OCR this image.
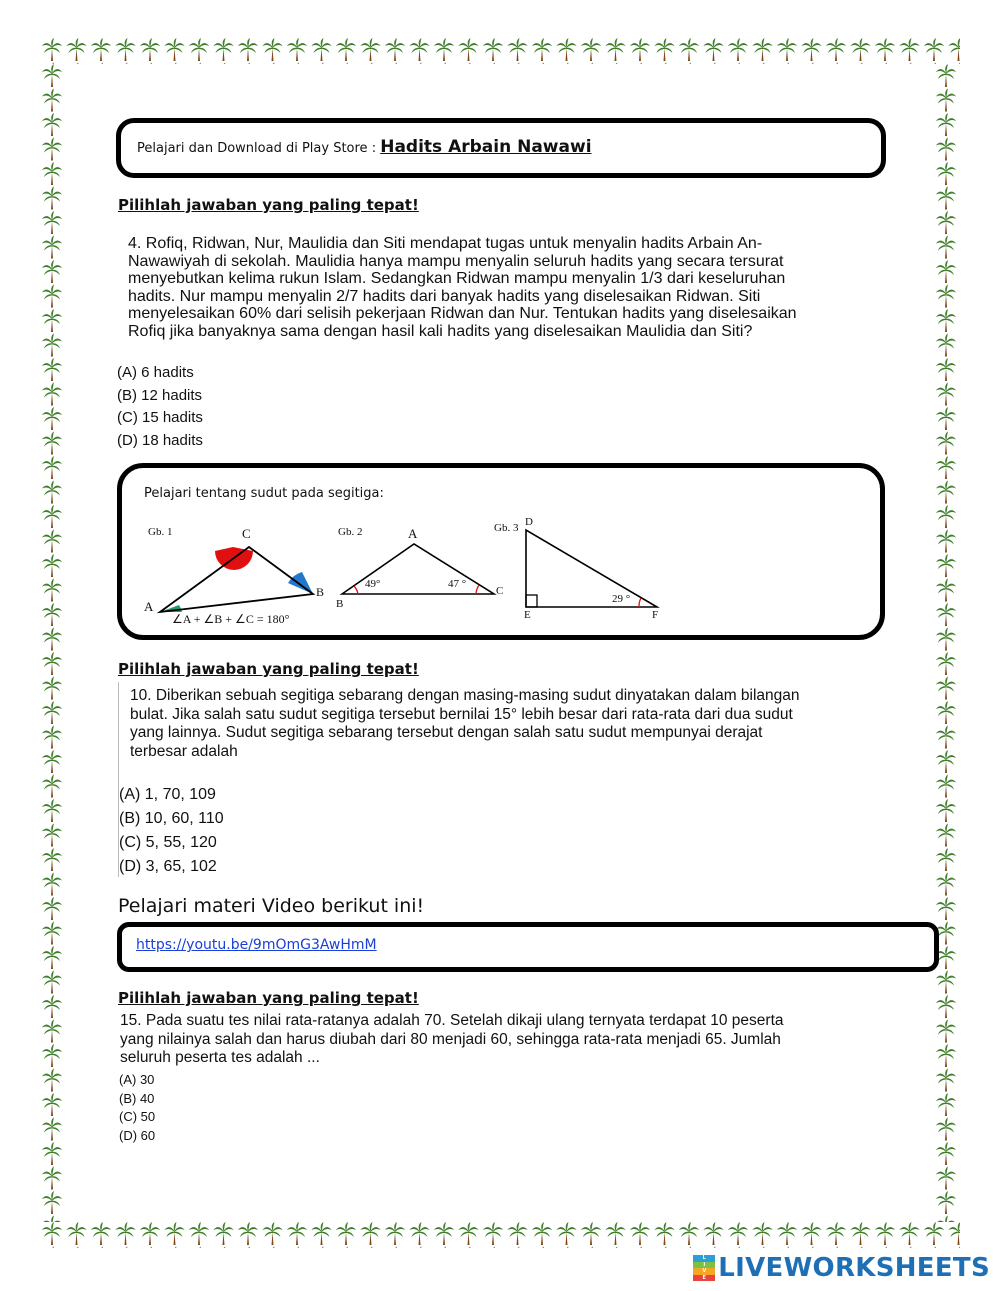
Pelajari dan Download di Play Store : Hadits Arbain Nawawi
Pilihlah jawaban yang paling tepat!
4. Rofiq, Ridwan, Nur, Maulidia dan Siti mendapat tugas untuk menyalin hadits Arbain An-
Nawawiyah di sekolah. Maulidia hanya mampu menyalin seluruh hadits yang secara tersurat
menyebutkan kelima rukun Islam. Sedangkan Ridwan mampu menyalin 1/3 dari keseluruhan
hadits. Nur mampu menyalin 2/7 hadits dari banyak hadits yang diselesaikan Ridwan. Siti
menyelesaikan 60% dari selisih pekerjaan Ridwan dan Nur. Tentukan hadits yang diselesaikan
Rofiq jika banyaknya sama dengan hasil kali hadits yang diselesaikan Maulidia dan Siti?
(A) 6 hadits
(B) 12 hadits
(C) 15 hadits
(D) 18 hadits
Pelajari tentang sudut pada segitiga:
Gb. 1	C
A
B
∠A + ∠B + ∠C = 180°
Gb. 2	A
B
C
49°	47 °
Gb. 3 D
E	F
29 °
Pilihlah jawaban yang paling tepat!
10. Diberikan sebuah segitiga sebarang dengan masing-masing sudut dinyatakan dalam bilangan
bulat. Jika salah satu sudut segitiga tersebut bernilai 15° lebih besar dari rata-rata dari dua sudut
yang lainnya. Sudut segitiga sebarang tersebut dengan salah satu sudut mempunyai derajat
terbesar adalah
(A) 1, 70, 109
(B) 10, 60, 110
(C) 5, 55, 120
(D) 3, 65, 102
Pelajari materi Video berikut ini!
https://youtu.be/9mOmG3AwHmM
Pilihlah jawaban yang paling tepat!
15. Pada suatu tes nilai rata-ratanya adalah 70. Setelah dikaji ulang ternyata terdapat 10 peserta
yang nilainya salah dan harus diubah dari 80 menjadi 60, sehingga rata-rata menjadi 65. Jumlah
seluruh peserta tes adalah ...
(A) 30
(B) 40
(C) 50
(D) 60
L
I
V
E LIVEWORKSHEETS
